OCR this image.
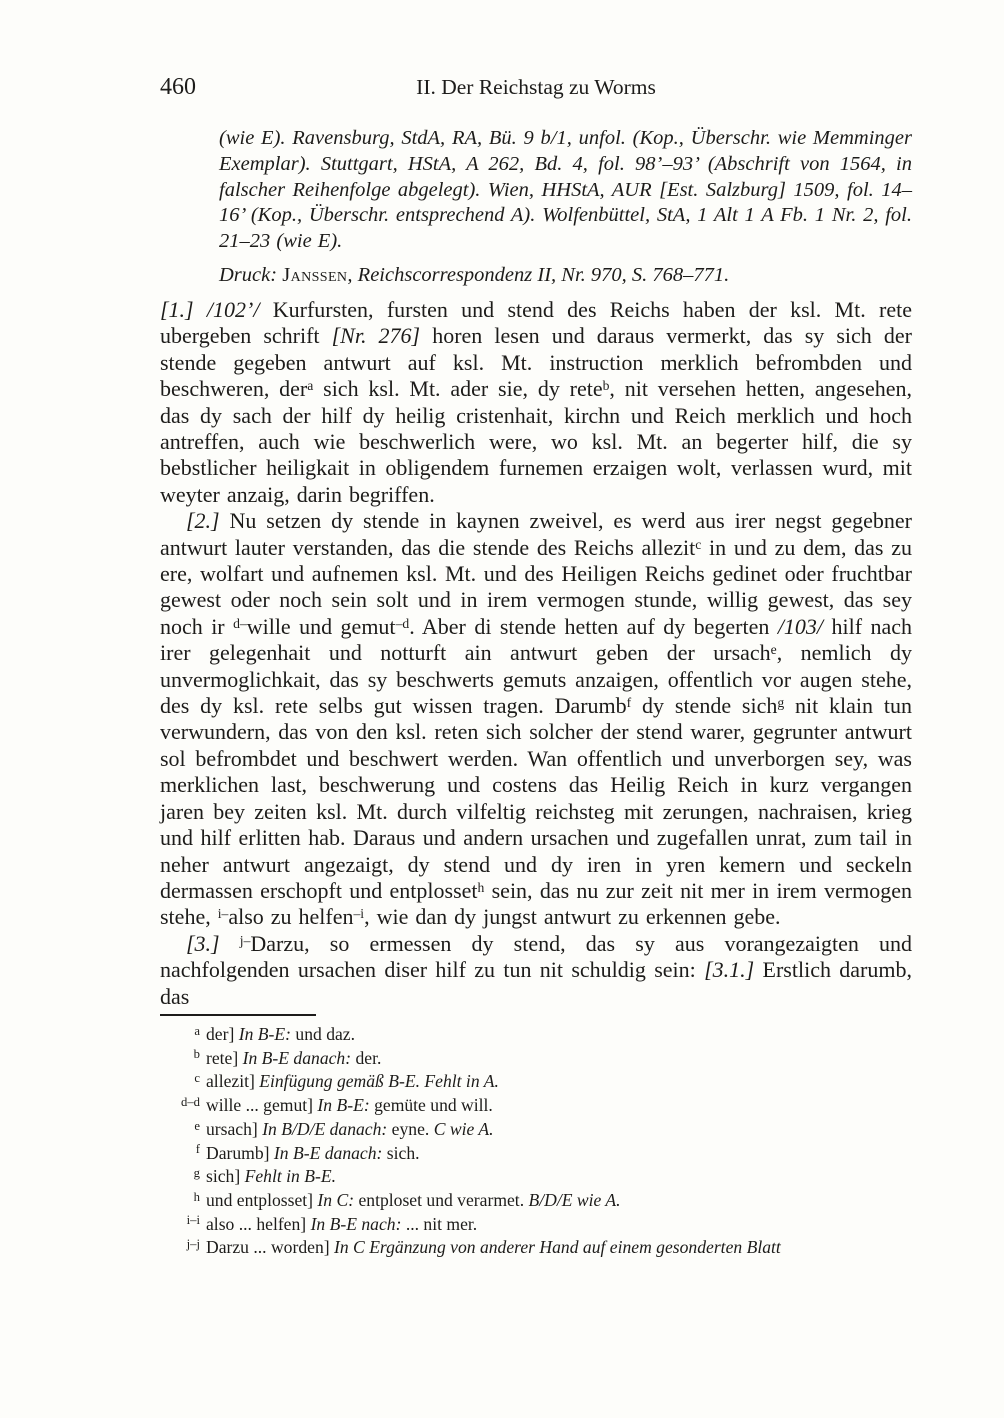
460	II. Der Reichstag zu Worms

(wie E). Ravensburg, StdA, RA, Bü. 9 b/1, unfol. (Kop., Überschr. wie Memminger Exemplar). Stuttgart, HStA, A 262, Bd. 4, fol. 98’–93’ (Abschrift von 1564, in falscher Reihenfolge abgelegt). Wien, HHStA, AUR [Est. Salzburg] 1509, fol. 14–16’ (Kop., Überschr. entsprechend A). Wolfenbüttel, StA, 1 Alt 1 A Fb. 1 Nr. 2, fol. 21–23 (wie E).

Druck: Janssen, Reichscorrespondenz II, Nr. 970, S. 768–771.

[1.] /102’/ Kurfursten, fursten und stend des Reichs haben der ksl. Mt. rete ubergeben schrift [Nr. 276] horen lesen und daraus vermerkt, das sy sich der stende gegeben antwurt auf ksl. Mt. instruction merklich befrombden und beschweren, der$^a$ sich ksl. Mt. ader sie, dy rete$^b$, nit versehen hetten, angesehen, das dy sach der hilf dy heilig cristenhait, kirchn und Reich merklich und hoch antreffen, auch wie beschwerlich were, wo ksl. Mt. an begerter hilf, die sy bebstlicher heiligkait in obligendem furnemen erzaigen wolt, verlassen wurd, mit weyter anzaig, darin begriffen.

[2.] Nu setzen dy stende in kaynen zweivel, es werd aus irer negst gegebner antwurt lauter verstanden, das die stende des Reichs allezit$^c$ in und zu dem, das zu ere, wolfart und aufnemen ksl. Mt. und des Heiligen Reichs gedinet oder fruchtbar gewest oder noch sein solt und in irem vermogen stunde, willig gewest, das sey noch ir $^{d-}$wille und gemut$^{-d}$. Aber di stende hetten auf dy begerten /103/ hilf nach irer gelegenhait und notturft ain antwurt geben der ursach$^e$, nemlich dy unvermoglichkait, das sy beschwerts gemuts anzaigen, offentlich vor augen stehe, des dy ksl. rete selbs gut wissen tragen. Darumb$^f$ dy stende sich$^g$ nit klain tun verwundern, das von den ksl. reten sich solcher der stend warer, gegrunter antwurt sol befrombdet und beschwert werden. Wan offentlich und unverborgen sey, was merklichen last, beschwerung und costens das Heilig Reich in kurz vergangen jaren bey zeiten ksl. Mt. durch vilfeltig reichsteg mit zerungen, nachraisen, krieg und hilf erlitten hab. Daraus und andern ursachen und zugefallen unrat, zum tail in neher antwurt angezaigt, dy stend und dy iren in yren kemern und seckeln dermassen erschopft und entplosset$^h$ sein, das nu zur zeit nit mer in irem vermogen stehe, $^{i-}$also zu helfen$^{-i}$, wie dan dy jungst antwurt zu erkennen gebe.

[3.] $^{j-}$Darzu, so ermessen dy stend, das sy aus vorangezaigten und nachfolgenden ursachen diser hilf zu tun nit schuldig sein: [3.1.] Erstlich darumb, das

$^a$ der] In B-E: und daz.
$^b$ rete] In B-E danach: der.
$^c$ allezit] Einfügung gemäß B-E. Fehlt in A.
$^{d-d}$ wille ... gemut] In B-E: gemüte und will.
$^e$ ursach] In B/D/E danach: eyne. C wie A.
$^f$ Darumb] In B-E danach: sich.
$^g$ sich] Fehlt in B-E.
$^h$ und entplosset] In C: entploset und verarmet. B/D/E wie A.
$^{i-i}$ also ... helfen] In B-E nach: ... nit mer.
$^{j-j}$ Darzu ... worden] In C Ergänzung von anderer Hand auf einem gesonderten Blatt
